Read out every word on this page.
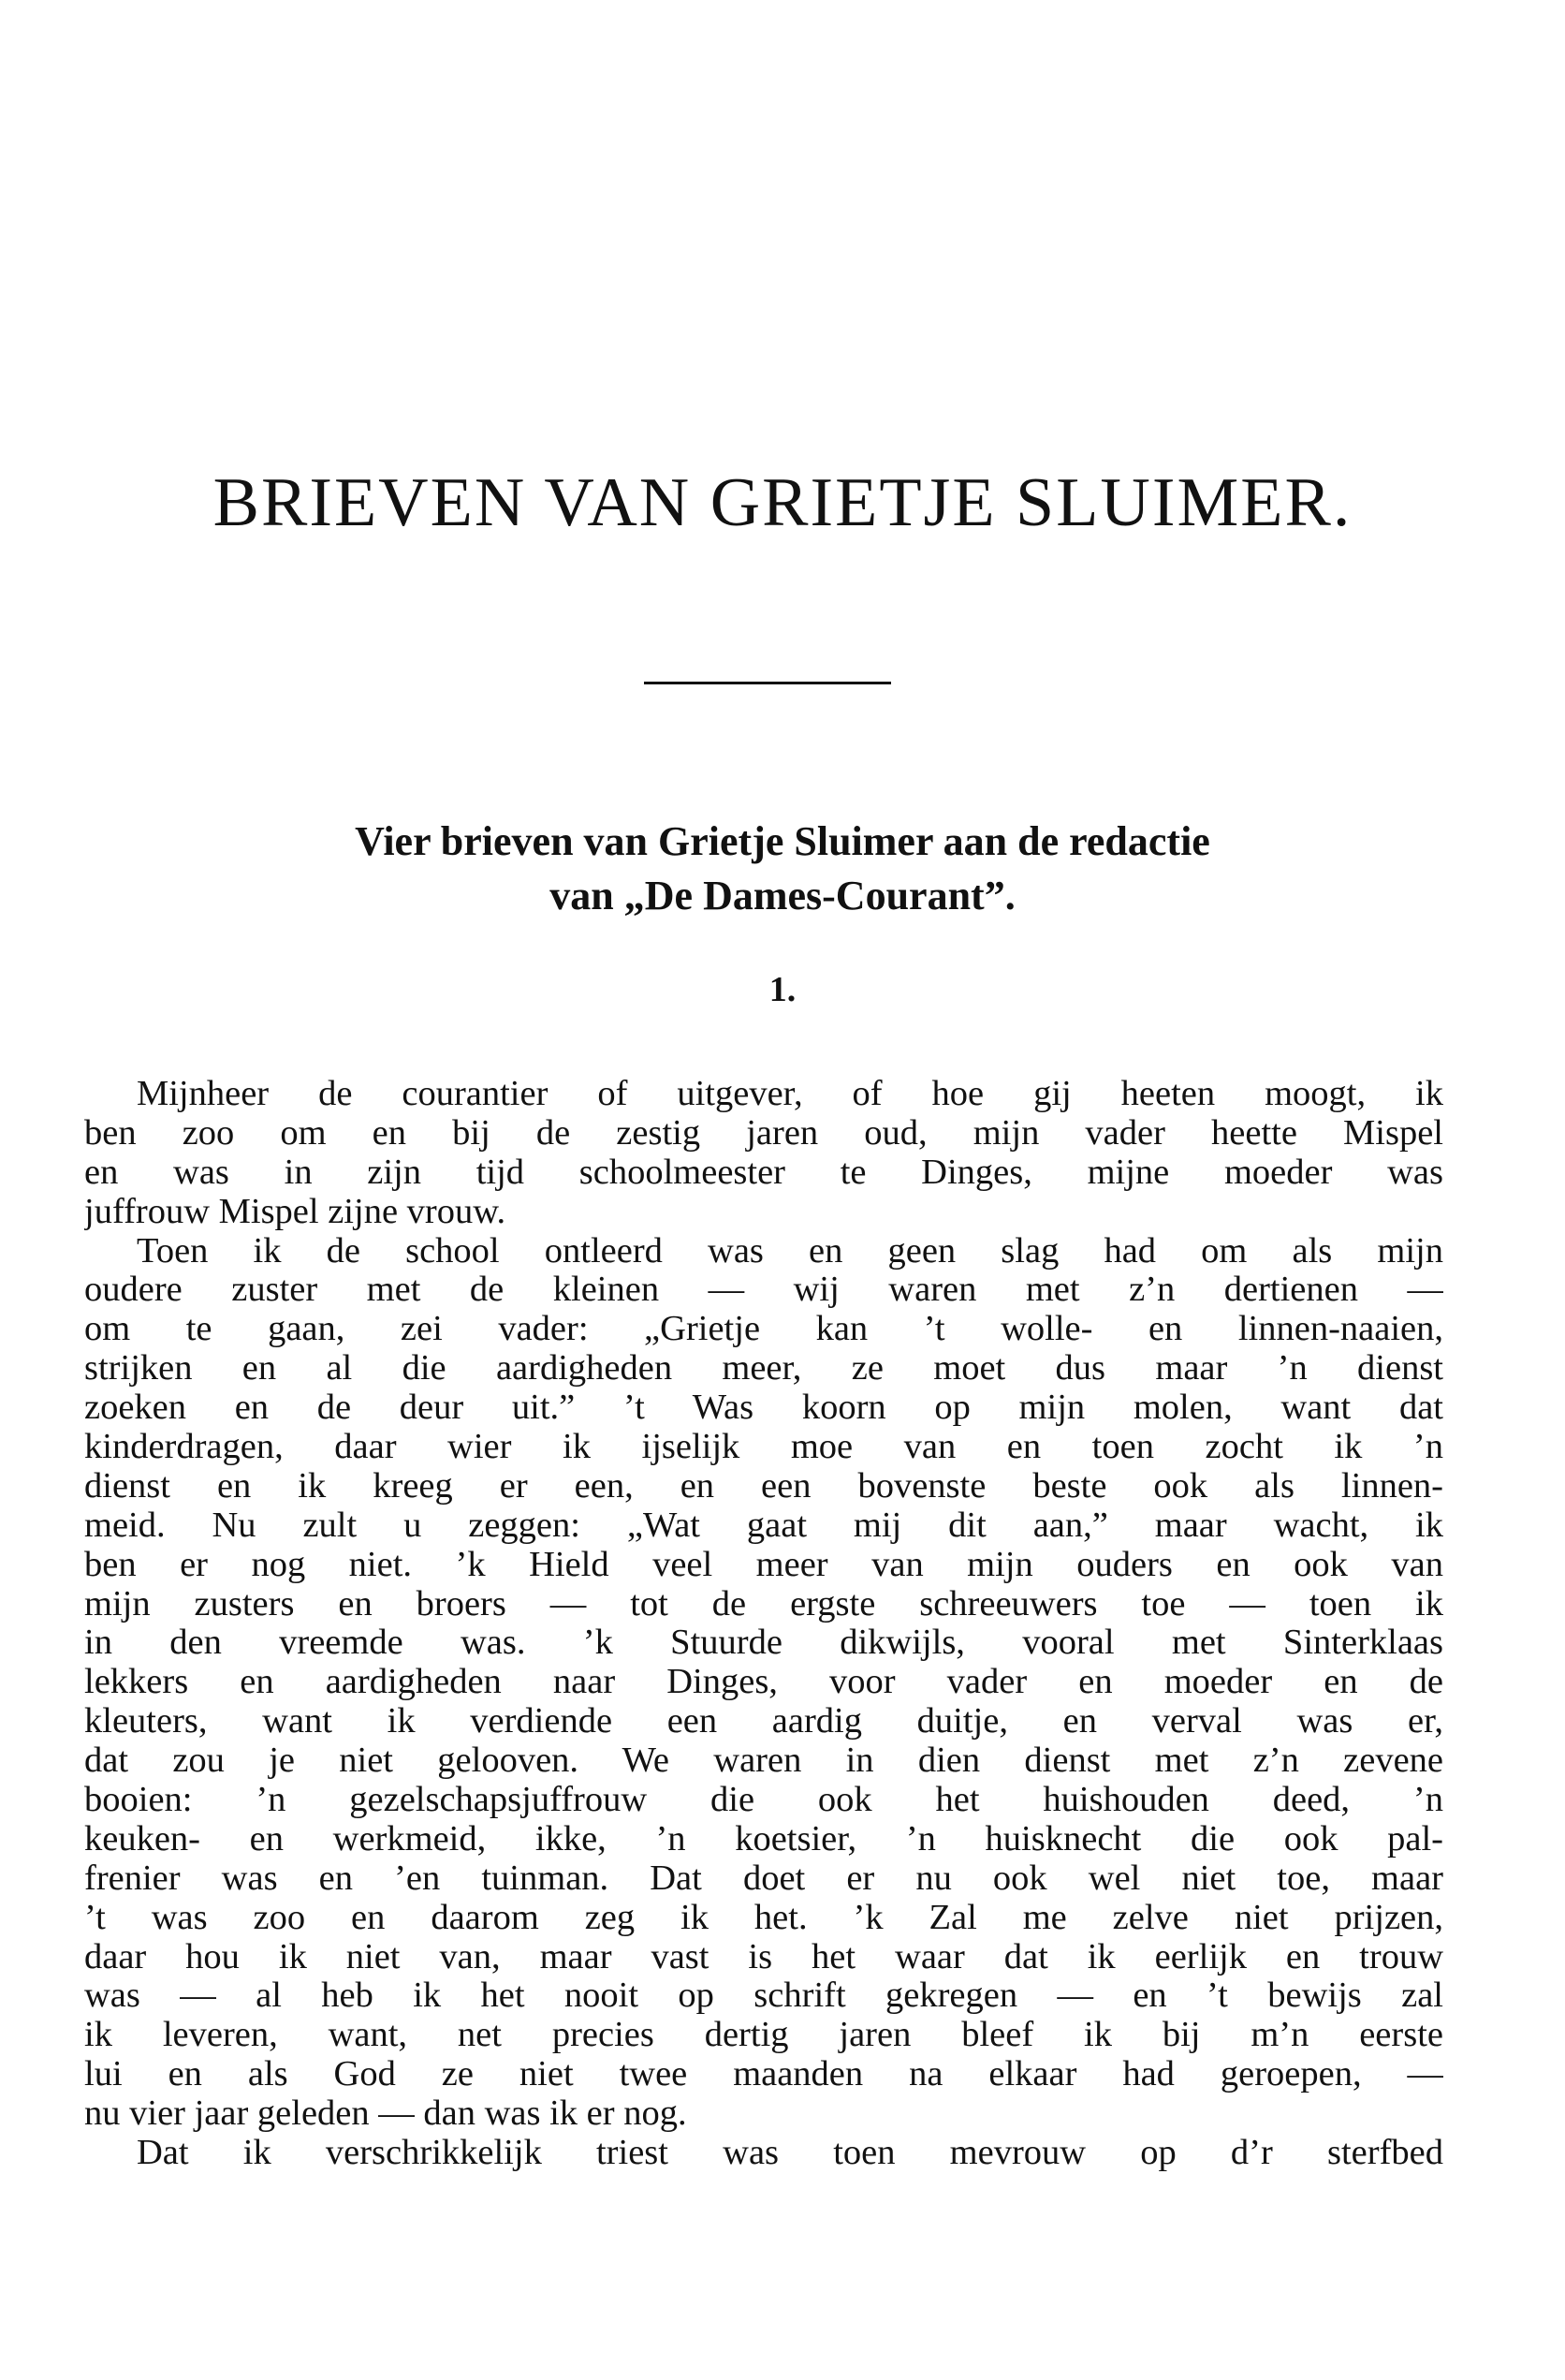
BRIEVEN VAN GRIETJE SLUIMER.
Vier brieven van Grietje Sluimer aan de redactie
van „De Dames-Courant”.
1.
Mijnheer de courantier of uitgever, of hoe gij heeten moogt, ik
ben zoo om en bij de zestig jaren oud, mijn vader heette Mispel
en was in zijn tijd schoolmeester te Dinges, mijne moeder was
juffrouw Mispel zijne vrouw.
Toen ik de school ontleerd was en geen slag had om als mijn
oudere zuster met de kleinen — wij waren met z’n dertienen —
om te gaan, zei vader: „Grietje kan ’t wolle- en linnen-naaien,
strijken en al die aardigheden meer, ze moet dus maar ’n dienst
zoeken en de deur uit.” ’t Was koorn op mijn molen, want dat
kinderdragen, daar wier ik ijselijk moe van en toen zocht ik ’n
dienst en ik kreeg er een, en een bovenste beste ook als linnen-
meid. Nu zult u zeggen: „Wat gaat mij dit aan,” maar wacht, ik
ben er nog niet. ’k Hield veel meer van mijn ouders en ook van
mijn zusters en broers — tot de ergste schreeuwers toe — toen ik
in den vreemde was. ’k Stuurde dikwijls, vooral met Sinterklaas
lekkers en aardigheden naar Dinges, voor vader en moeder en de
kleuters, want ik verdiende een aardig duitje, en verval was er,
dat zou je niet gelooven. We waren in dien dienst met z’n zevene
booien: ’n gezelschapsjuffrouw die ook het huishouden deed, ’n
keuken- en werkmeid, ikke, ’n koetsier, ’n huisknecht die ook pal-
frenier was en ’en tuinman. Dat doet er nu ook wel niet toe, maar
’t was zoo en daarom zeg ik het. ’k Zal me zelve niet prijzen,
daar hou ik niet van, maar vast is het waar dat ik eerlijk en trouw
was — al heb ik het nooit op schrift gekregen — en ’t bewijs zal
ik leveren, want, net precies dertig jaren bleef ik bij m’n eerste
lui en als God ze niet twee maanden na elkaar had geroepen, —
nu vier jaar geleden — dan was ik er nog.
Dat ik verschrikkelijk triest was toen mevrouw op d’r sterfbed
